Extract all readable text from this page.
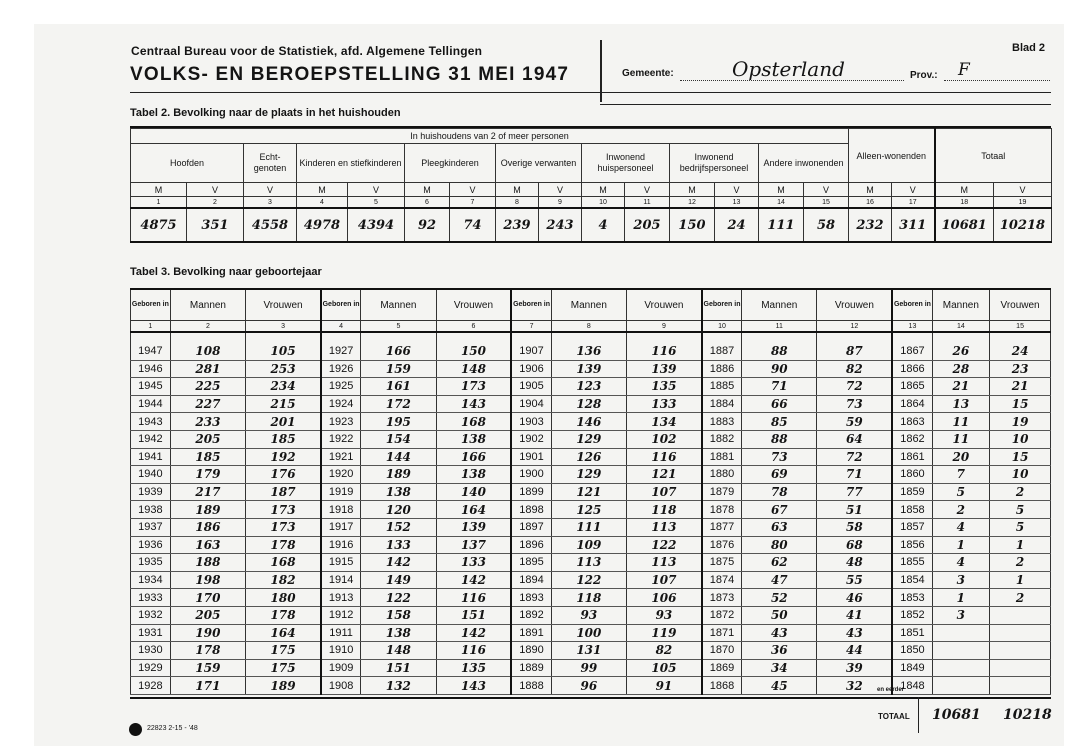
Centraal Bureau voor de Statistiek, afd. Algemene Tellingen
VOLKS- EN BEROEPSTELLING 31 MEI 1947
Blad 2
Gemeente:	Opsterland	Prov.: F
Tabel 2. Bevolking naar de plaats in het huishouden
In huishoudens van 2 of meer personen															Alleen-wonenden		Totaal	
Hoofden		Echt-genoten	Kinderen en stiefkinderen		Pleegkinderen		Overige verwanten		Inwonend huispersoneel		Inwonend bedrijfspersoneel		Andere inwonenden					
M	V	V	M	V	M	V	M	V	M	V	M	V	M	V	M	V	M	V
1	2	3	4	5	6	7	8	9	10	11	12	13	14	15	16	17	18	19
4875	351	4558	4978	4394	92	74	239	243	4	205	150	24	111	58	232	311	10681	10218
Tabel 3. Bevolking naar geboortejaar
Geboren in	Mannen	Vrouwen	Geboren in	Mannen	Vrouwen	Geboren in	Mannen	Vrouwen	Geboren in	Mannen	Vrouwen	Geboren in	Mannen	Vrouwen
1	2	3	4	5	6	7	8	9	10	11	12	13	14	15

1947	108	105	1927	166	150	1907	136	116	1887	88	87	1867	26	24
1946	281	253	1926	159	148	1906	139	139	1886	90	82	1866	28	23
1945	225	234	1925	161	173	1905	123	135	1885	71	72	1865	21	21
1944	227	215	1924	172	143	1904	128	133	1884	66	73	1864	13	15
1943	233	201	1923	195	168	1903	146	134	1883	85	59	1863	11	19
1942	205	185	1922	154	138	1902	129	102	1882	88	64	1862	11	10
1941	185	192	1921	144	166	1901	126	116	1881	73	72	1861	20	15
1940	179	176	1920	189	138	1900	129	121	1880	69	71	1860	7	10
1939	217	187	1919	138	140	1899	121	107	1879	78	77	1859	5	2
1938	189	173	1918	120	164	1898	125	118	1878	67	51	1858	2	5
1937	186	173	1917	152	139	1897	111	113	1877	63	58	1857	4	5
1936	163	178	1916	133	137	1896	109	122	1876	80	68	1856	1	1
1935	188	168	1915	142	133	1895	113	113	1875	62	48	1855	4	2
1934	198	182	1914	149	142	1894	122	107	1874	47	55	1854	3	1
1933	170	180	1913	122	116	1893	118	106	1873	52	46	1853	1	2
1932	205	178	1912	158	151	1892	93	93	1872	50	41	1852	3	
1931	190	164	1911	138	142	1891	100	119	1871	43	43	1851		
1930	178	175	1910	148	116	1890	131	82	1870	36	44	1850		
1929	159	175	1909	151	135	1889	99	105	1869	34	39	1849		
1928	171	189	1908	132	143	1888	96	91	1868	45	32	1848		
en eerder
TOTAAL 10681 10218
22823 2-15 - '48
